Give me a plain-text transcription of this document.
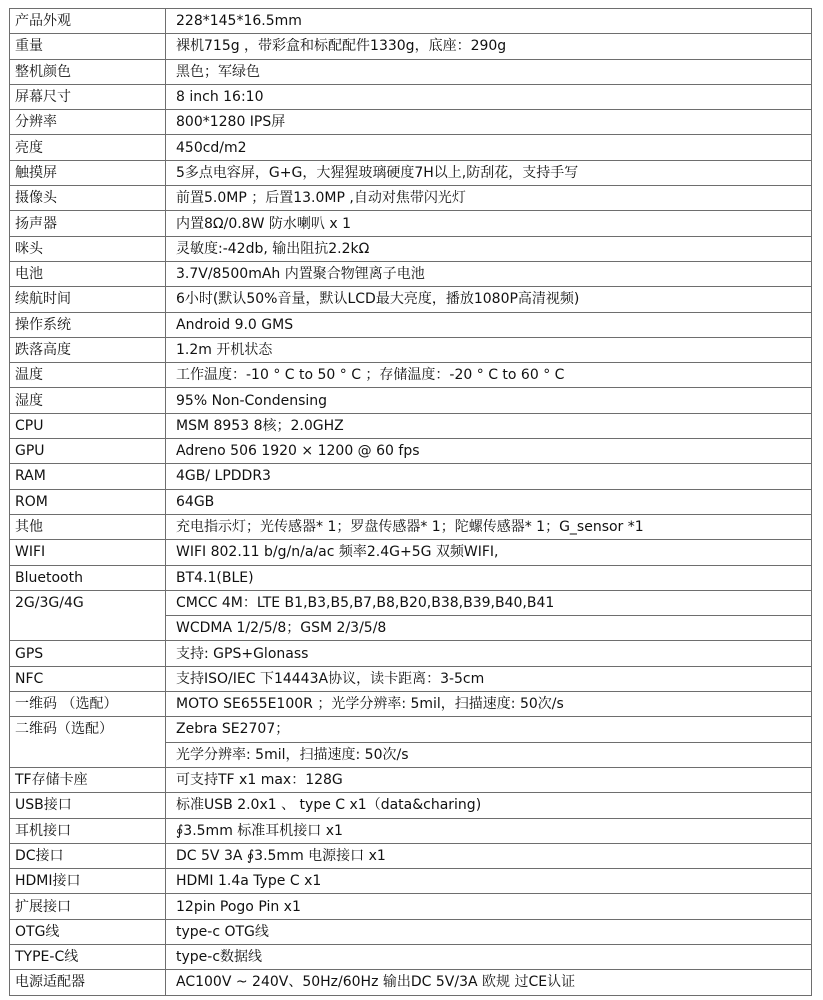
产品外观	228*145*16.5mm
重量	裸机715g ，带彩盒和标配配件1330g，底座：290g
整机颜色	黑色；军绿色
屏幕尺寸	8 inch 16:10
分辨率	800*1280 IPS屏
亮度	450cd/m2
触摸屏	5多点电容屏，G+G，大猩猩玻璃硬度7H以上,防刮花，支持手写
摄像头	前置5.0MP ；后置13.0MP ,自动对焦带闪光灯
扬声器	内置8Ω/0.8W 防水喇叭 x 1
咪头	灵敏度:-42db, 输出阻抗2.2kΩ
电池	3.7V/8500mAh 内置聚合物锂离子电池
续航时间	6小时(默认50%音量，默认LCD最大亮度，播放1080P高清视频)
操作系统	Android 9.0 GMS
跌落高度	1.2m 开机状态
温度	工作温度：-10 ° C to 50 ° C ；存储温度：-20 ° C to 60 ° C
湿度	95% Non-Condensing
CPU	MSM 8953 8核；2.0GHZ
GPU	Adreno 506 1920 × 1200 @ 60 fps
RAM	4GB/ LPDDR3
ROM	64GB
其他	充电指示灯；光传感器* 1；罗盘传感器* 1；陀螺传感器* 1；G_sensor *1
WIFI	WIFI 802.11 b/g/n/a/ac 频率2.4G+5G 双频WIFI,
Bluetooth	BT4.1(BLE)
2G/3G/4G	CMCC 4M：LTE B1,B3,B5,B7,B8,B20,B38,B39,B40,B41
	WCDMA 1/2/5/8；GSM 2/3/5/8
GPS	支持: GPS+Glonass
NFC	支持ISO/IEC 下14443A协议，读卡距离：3-5cm
一维码 （选配）	MOTO SE655E100R ；光学分辨率: 5mil，扫描速度: 50次/s
二维码（选配）	Zebra SE2707；
	光学分辨率: 5mil，扫描速度: 50次/s
TF存储卡座	可支持TF x1 max：128G
USB接口	标准USB 2.0x1 、 type C x1（data&charing)
耳机接口	∮3.5mm 标准耳机接口 x1
DC接口	DC 5V 3A ∮3.5mm 电源接口 x1
HDMI接口	HDMI 1.4a Type C x1
扩展接口	12pin Pogo Pin x1
OTG线	type-c OTG线
TYPE-C线	type-c数据线
电源适配器	AC100V ~ 240V、50Hz/60Hz 输出DC 5V/3A 欧规 过CE认证
